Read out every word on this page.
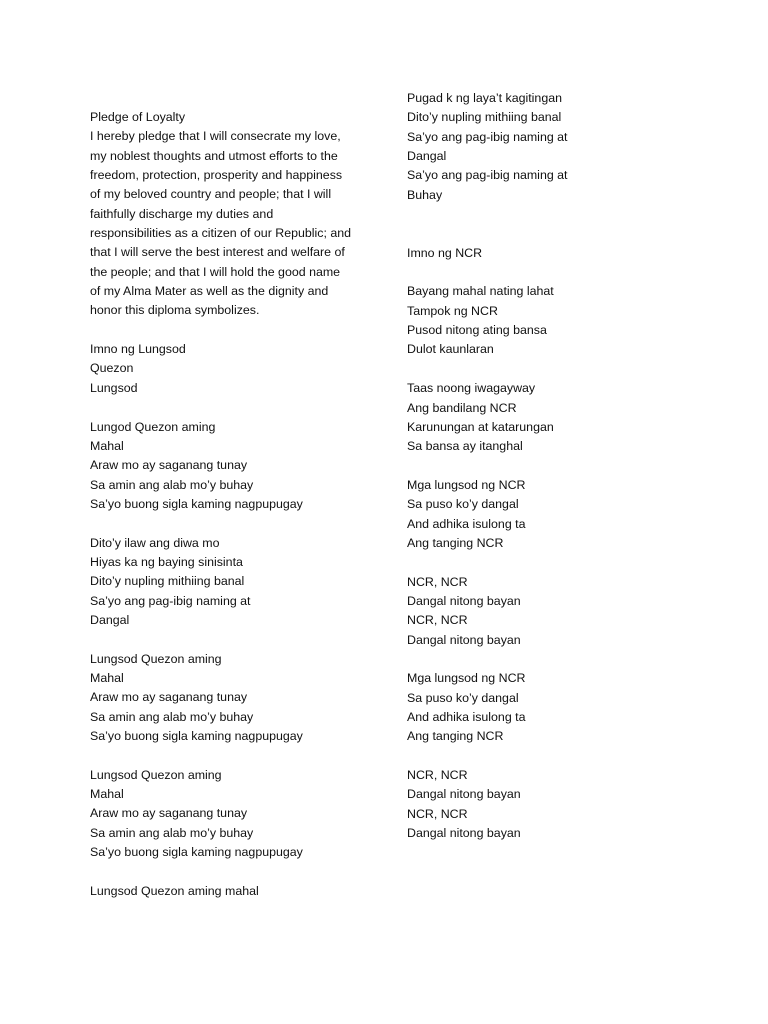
Pledge of Loyalty
I hereby pledge that I will consecrate my love,
my noblest thoughts and utmost efforts to the
freedom, protection, prosperity and happiness
of my beloved country and people; that I will
faithfully discharge my duties and
responsibilities as a citizen of our Republic; and
that I will serve the best interest and welfare of
the people; and that I will hold the good name
of my Alma Mater as well as the dignity and
honor this diploma symbolizes.
Imno ng Lungsod
Quezon
Lungsod
Lungod Quezon aming
Mahal
Araw mo ay saganang tunay
Sa amin ang alab mo’y buhay
Sa’yo buong sigla kaming nagpupugay
Dito’y ilaw ang diwa mo
Hiyas ka ng baying sinisinta
Dito’y nupling mithiing banal
Sa’yo ang pag-ibig naming at
Dangal
Lungsod Quezon aming
Mahal
Araw mo ay saganang tunay
Sa amin ang alab mo’y buhay
Sa’yo buong sigla kaming nagpupugay
Lungsod Quezon aming
Mahal
Araw mo ay saganang tunay
Sa amin ang alab mo’y buhay
Sa’yo buong sigla kaming nagpupugay
Lungsod Quezon aming mahal
Pugad k ng laya’t kagitingan
Dito’y nupling mithiing banal
Sa’yo ang pag-ibig naming at
Dangal
Sa’yo ang pag-ibig naming at
Buhay
Imno ng NCR
Bayang mahal nating lahat
Tampok ng NCR
Pusod nitong ating bansa
Dulot kaunlaran
Taas noong iwagayway
Ang bandilang NCR
Karunungan at katarungan
Sa bansa ay itanghal
Mga lungsod ng NCR
Sa puso ko’y dangal
And adhika isulong ta
Ang tanging NCR
NCR, NCR
Dangal nitong bayan
NCR, NCR
Dangal nitong bayan
Mga lungsod ng NCR
Sa puso ko’y dangal
And adhika isulong ta
Ang tanging NCR
NCR, NCR
Dangal nitong bayan
NCR, NCR
Dangal nitong bayan
